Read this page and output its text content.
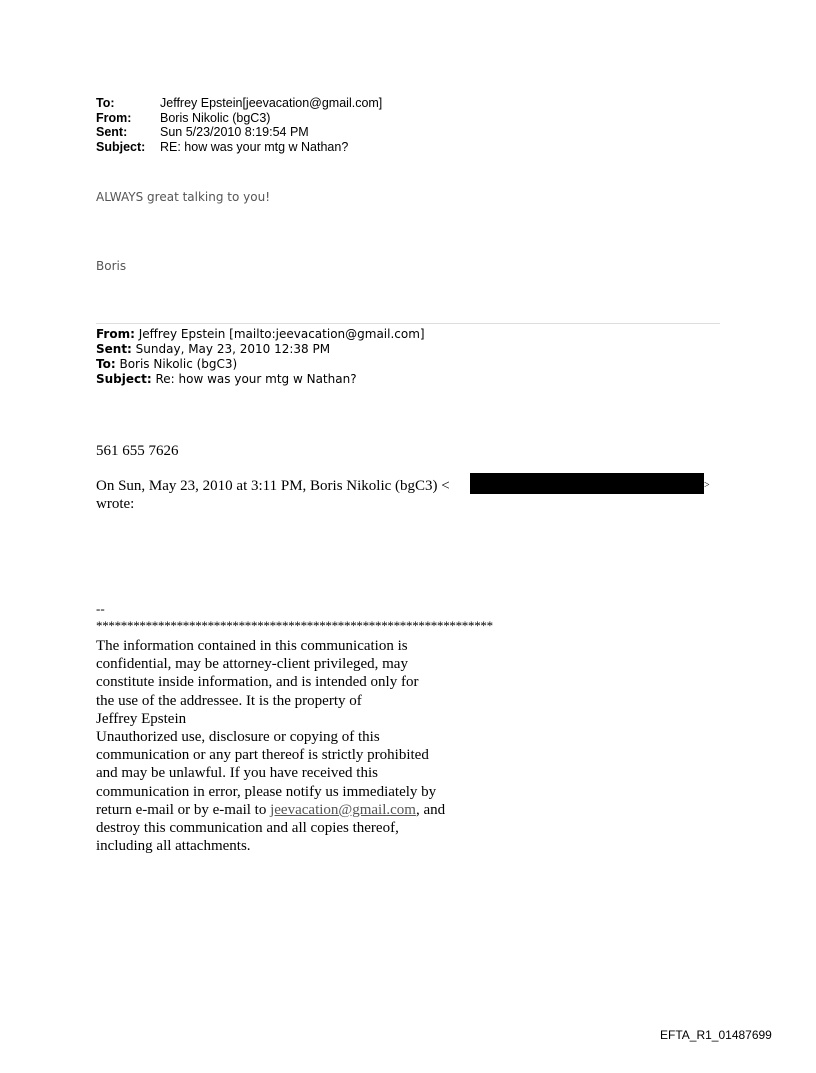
To:	Jeffrey Epstein[jeevacation@gmail.com]
From:	Boris Nikolic (bgC3)
Sent:	Sun 5/23/2010 8:19:54 PM
Subject:	RE: how was your mtg w Nathan?
ALWAYS great talking to you!
Boris
From: Jeffrey Epstein [mailto:jeevacation@gmail.com]
Sent: Sunday, May 23, 2010 12:38 PM
To: Boris Nikolic (bgC3)
Subject: Re: how was your mtg w Nathan?
561 655 7626
On Sun, May 23, 2010 at 3:11 PM, Boris Nikolic (bgC3) <	>
wrote:
--
****************************************************************
The information contained in this communication is
confidential, may be attorney-client privileged, may
constitute inside information, and is intended only for
the use of the addressee. It is the property of
Jeffrey Epstein
Unauthorized use, disclosure or copying of this
communication or any part thereof is strictly prohibited
and may be unlawful. If you have received this
communication in error, please notify us immediately by
return e-mail or by e-mail to jeevacation@gmail.com, and
destroy this communication and all copies thereof,
including all attachments.
EFTA_R1_01487699
